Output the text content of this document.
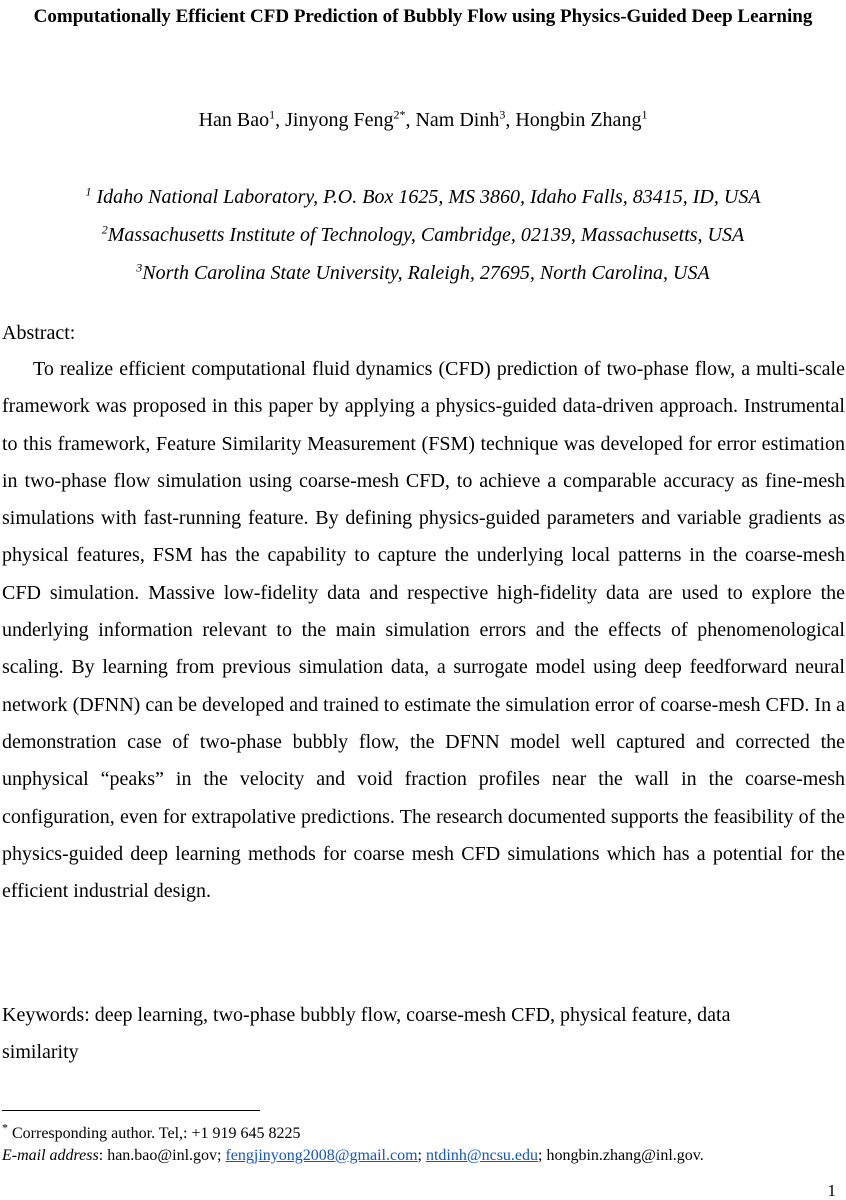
Computationally Efficient CFD Prediction of Bubbly Flow using Physics-Guided Deep Learning
Han Bao$^1$, Jinyong Feng$^{2*}$, Nam Dinh$^3$, Hongbin Zhang$^1$
$^1$ Idaho National Laboratory, P.O. Box 1625, MS 3860, Idaho Falls, 83415, ID, USA
$^2$Massachusetts Institute of Technology, Cambridge, 02139, Massachusetts, USA
$^3$North Carolina State University, Raleigh, 27695, North Carolina, USA
Abstract:

To realize efficient computational fluid dynamics (CFD) prediction of two-phase flow, a multi-scale framework was proposed in this paper by applying a physics-guided data-driven approach. Instrumental to this framework, Feature Similarity Measurement (FSM) technique was developed for error estimation in two-phase flow simulation using coarse-mesh CFD, to achieve a comparable accuracy as fine-mesh simulations with fast-running feature. By defining physics-guided parameters and variable gradients as physical features, FSM has the capability to capture the underlying local patterns in the coarse-mesh CFD simulation. Massive low-fidelity data and respective high-fidelity data are used to explore the underlying information relevant to the main simulation errors and the effects of phenomenological scaling. By learning from previous simulation data, a surrogate model using deep feedforward neural network (DFNN) can be developed and trained to estimate the simulation error of coarse-mesh CFD. In a demonstration case of two-phase bubbly flow, the DFNN model well captured and corrected the unphysical “peaks” in the velocity and void fraction profiles near the wall in the coarse-mesh configuration, even for extrapolative predictions. The research documented supports the feasibility of the physics-guided deep learning methods for coarse mesh CFD simulations which has a potential for the efficient industrial design.

Keywords: deep learning, two-phase bubbly flow, coarse-mesh CFD, physical feature, data similarity
* Corresponding author. Tel,: +1 919 645 8225
E-mail address: han.bao@inl.gov; fengjinyong2008@gmail.com; ntdinh@ncsu.edu; hongbin.zhang@inl.gov.
1
